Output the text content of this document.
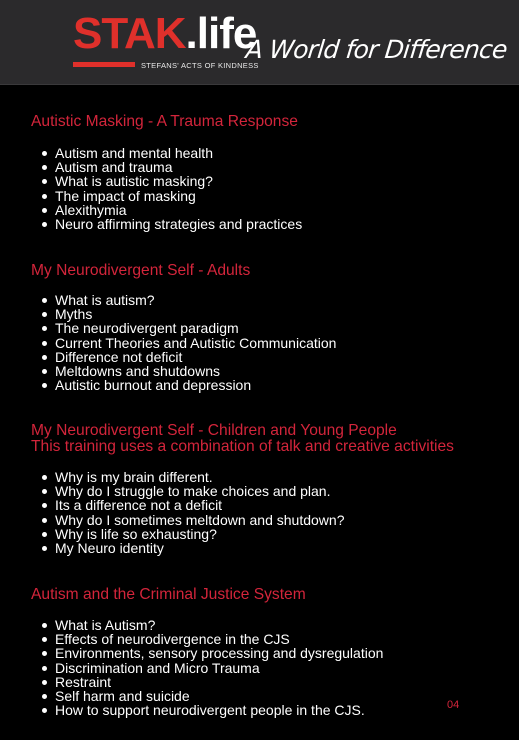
STAK.life
STEFANS' ACTS OF KINDNESS
A World for Difference
Autistic Masking - A Trauma Response
Autism and mental health
Autism and trauma
What is autistic masking?
The impact of masking
Alexithymia
Neuro affirming strategies and practices
My Neurodivergent Self - Adults
What is autism?
Myths
The neurodivergent paradigm
Current Theories and Autistic Communication
Difference not deficit
Meltdowns and shutdowns
Autistic burnout and depression
My Neurodivergent Self - Children and Young People

This training uses a combination of talk and creative activities

Why is my brain different.
Why do I struggle to make choices and plan.
Its a difference not a deficit
Why do I sometimes meltdown and shutdown?
Why is life so exhausting?
My Neuro identity
Autism and the Criminal Justice System
What is Autism?
Effects of neurodivergence in the CJS
Environments, sensory processing and dysregulation
Discrimination and Micro Trauma
Restraint
Self harm and suicide
How to support neurodivergent people in the CJS.	04
